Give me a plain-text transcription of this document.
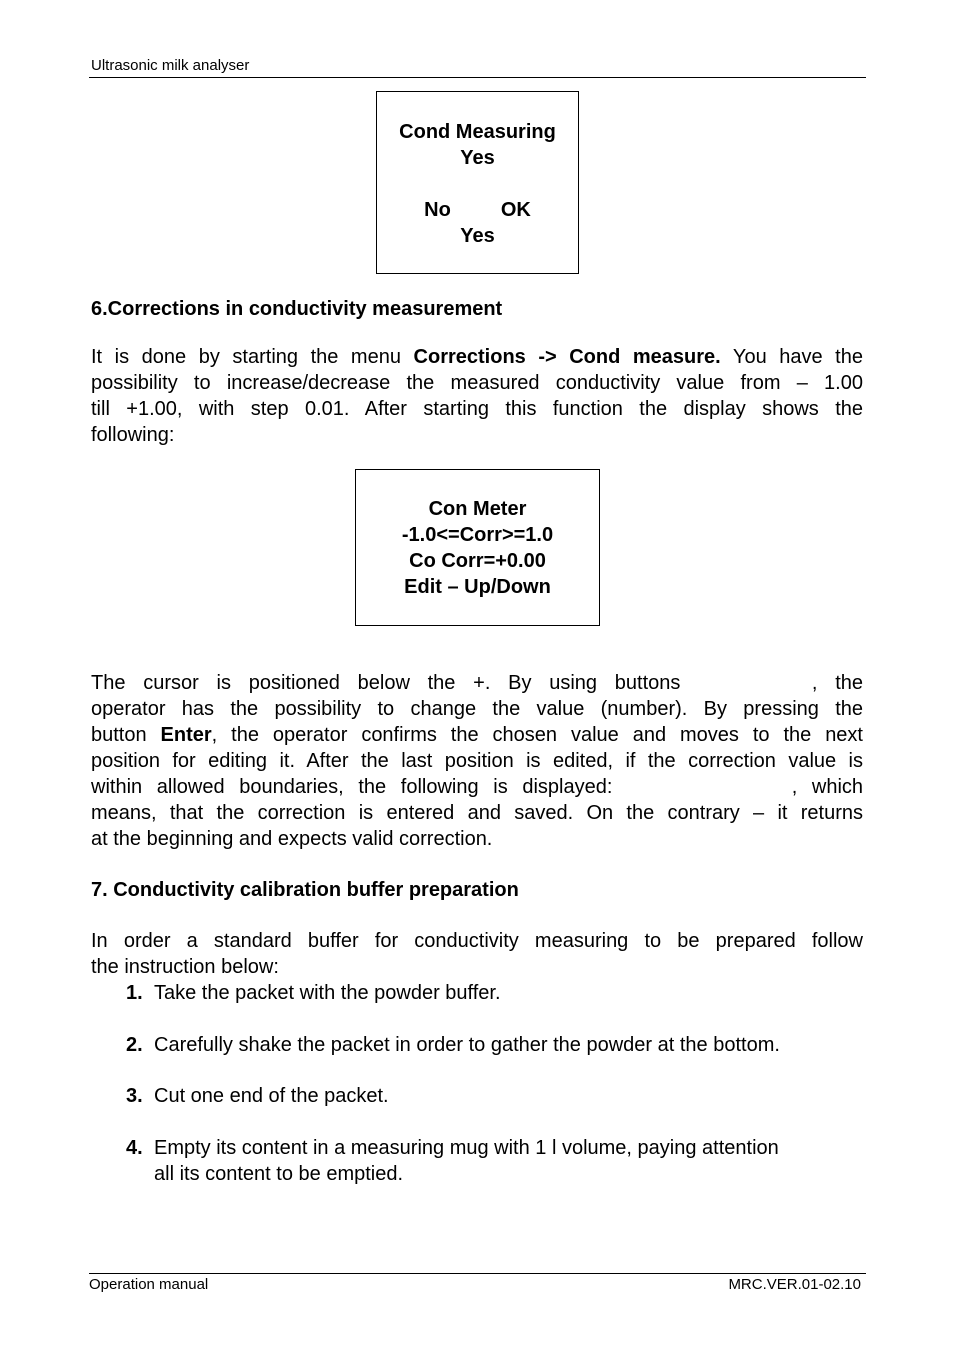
Ultrasonic milk analyser
Cond Measuring
Yes
No	OK
Yes
6.Corrections in conductivity measurement
It is done by starting the menu Corrections -> Cond measure. You have the
possibility to increase/decrease the measured conductivity value from – 1.00
till +1.00, with step 0.01. After starting this function the display shows the
following:
Con Meter
-1.0<=Corr>=1.0
Co Corr=+0.00
Edit – Up/Down
The cursor is positioned below the +. By using buttons	, the
operator has the possibility to change the value (number). By pressing the
button Enter, the operator confirms the chosen value and moves to the next
position for editing it. After the last position is edited, if the correction value is
within allowed boundaries, the following is displayed:	, which
means, that the correction is entered and saved. On the contrary – it returns
at the beginning and expects valid correction.
7. Conductivity calibration buffer preparation
In order a standard buffer for conductivity measuring to be prepared follow
the instruction below:
1. Take the packet with the powder buffer.
2. Carefully shake the packet in order to gather the powder at the bottom.
3. Cut one end of the packet.
4. Empty its content in a measuring mug with 1 l volume, paying attention
all its content to be emptied.
Operation manual	MRC.VER.01-02.10
